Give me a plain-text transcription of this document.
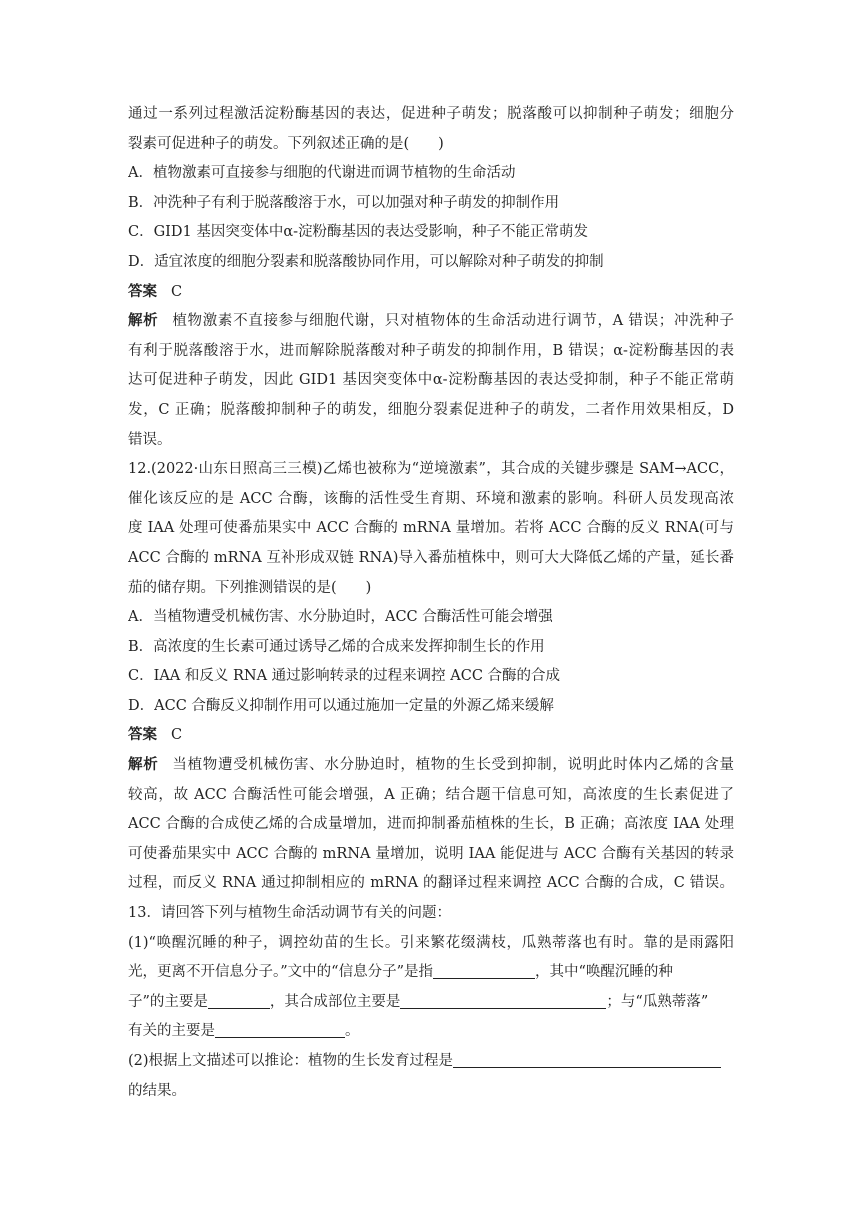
通过一系列过程激活淀粉酶基因的表达，促进种子萌发；脱落酸可以抑制种子萌发；细胞分
裂素可促进种子的萌发。下列叙述正确的是(　　)
A．植物激素可直接参与细胞的代谢进而调节植物的生命活动
B．冲洗种子有利于脱落酸溶于水，可以加强对种子萌发的抑制作用
C．GID1 基因突变体中α-淀粉酶基因的表达受影响，种子不能正常萌发
D．适宜浓度的细胞分裂素和脱落酸协同作用，可以解除对种子萌发的抑制
答案 C
解析 植物激素不直接参与细胞代谢，只对植物体的生命活动进行调节，A 错误；冲洗种子
有利于脱落酸溶于水，进而解除脱落酸对种子萌发的抑制作用，B 错误；α-淀粉酶基因的表
达可促进种子萌发，因此 GID1 基因突变体中α-淀粉酶基因的表达受抑制，种子不能正常萌
发，C 正确；脱落酸抑制种子的萌发，细胞分裂素促进种子的萌发，二者作用效果相反，D
错误。
12.(2022·山东日照高三三模)乙烯也被称为“逆境激素”，其合成的关键步骤是 SAM→ACC，
催化该反应的是 ACC 合酶，该酶的活性受生育期、环境和激素的影响。科研人员发现高浓
度 IAA 处理可使番茄果实中 ACC 合酶的 mRNA 量增加。若将 ACC 合酶的反义 RNA(可与
ACC 合酶的 mRNA 互补形成双链 RNA)导入番茄植株中，则可大大降低乙烯的产量，延长番
茄的储存期。下列推测错误的是(　　)
A．当植物遭受机械伤害、水分胁迫时，ACC 合酶活性可能会增强
B．高浓度的生长素可通过诱导乙烯的合成来发挥抑制生长的作用
C．IAA 和反义 RNA 通过影响转录的过程来调控 ACC 合酶的合成
D．ACC 合酶反义抑制作用可以通过施加一定量的外源乙烯来缓解
答案 C
解析 当植物遭受机械伤害、水分胁迫时，植物的生长受到抑制，说明此时体内乙烯的含量
较高，故 ACC 合酶活性可能会增强，A 正确；结合题干信息可知，高浓度的生长素促进了
ACC 合酶的合成使乙烯的合成量增加，进而抑制番茄植株的生长，B 正确；高浓度 IAA 处理
可使番茄果实中 ACC 合酶的 mRNA 量增加，说明 IAA 能促进与 ACC 合酶有关基因的转录
过程，而反义 RNA 通过抑制相应的 mRNA 的翻译过程来调控 ACC 合酶的合成，C 错误。
13．请回答下列与植物生命活动调节有关的问题：
(1)“唤醒沉睡的种子，调控幼苗的生长。引来繁花缀满枝，瓜熟蒂落也有时。靠的是雨露阳
光，更离不开信息分子。”文中的“信息分子”是指	，其中“唤醒沉睡的种
子”的主要是	，其合成部位主要是	；与“瓜熟蒂落”
有关的主要是	。
(2)根据上文描述可以推论：植物的生长发育过程是
的结果。
